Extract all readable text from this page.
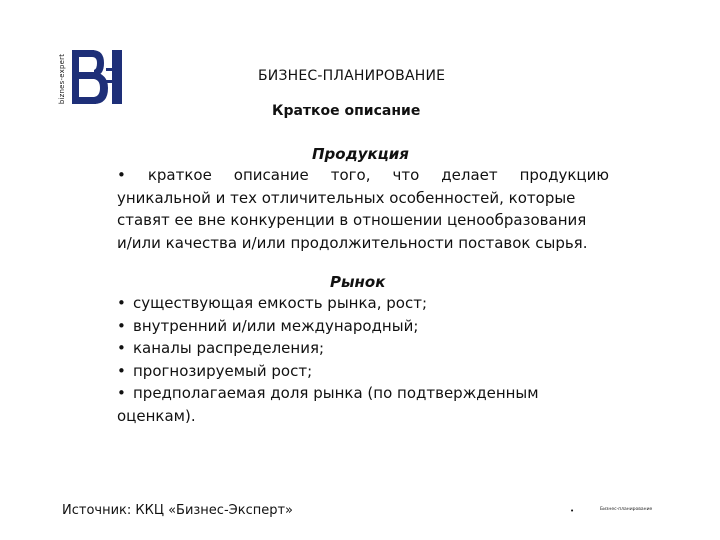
biznes-expert	БИЗНЕС-ПЛАНИРОВАНИЕ
Краткое описание
Продукция
• краткое описание того, что делает продукцию
уникальной и тех отличительных особенностей, которые
ставят ее вне конкуренции в отношении ценообразования
и/или качества и/или продолжительности поставок сырья.
Рынок
• существующая емкость рынка, рост;
• внутренний и/или международный;
• каналы распределения;
• прогнозируемый рост;
• предполагаемая доля рынка (по подтвержденным
оценкам).
Источник: ККЦ «Бизнес-Эксперт»	•	Бизнес-планирование
